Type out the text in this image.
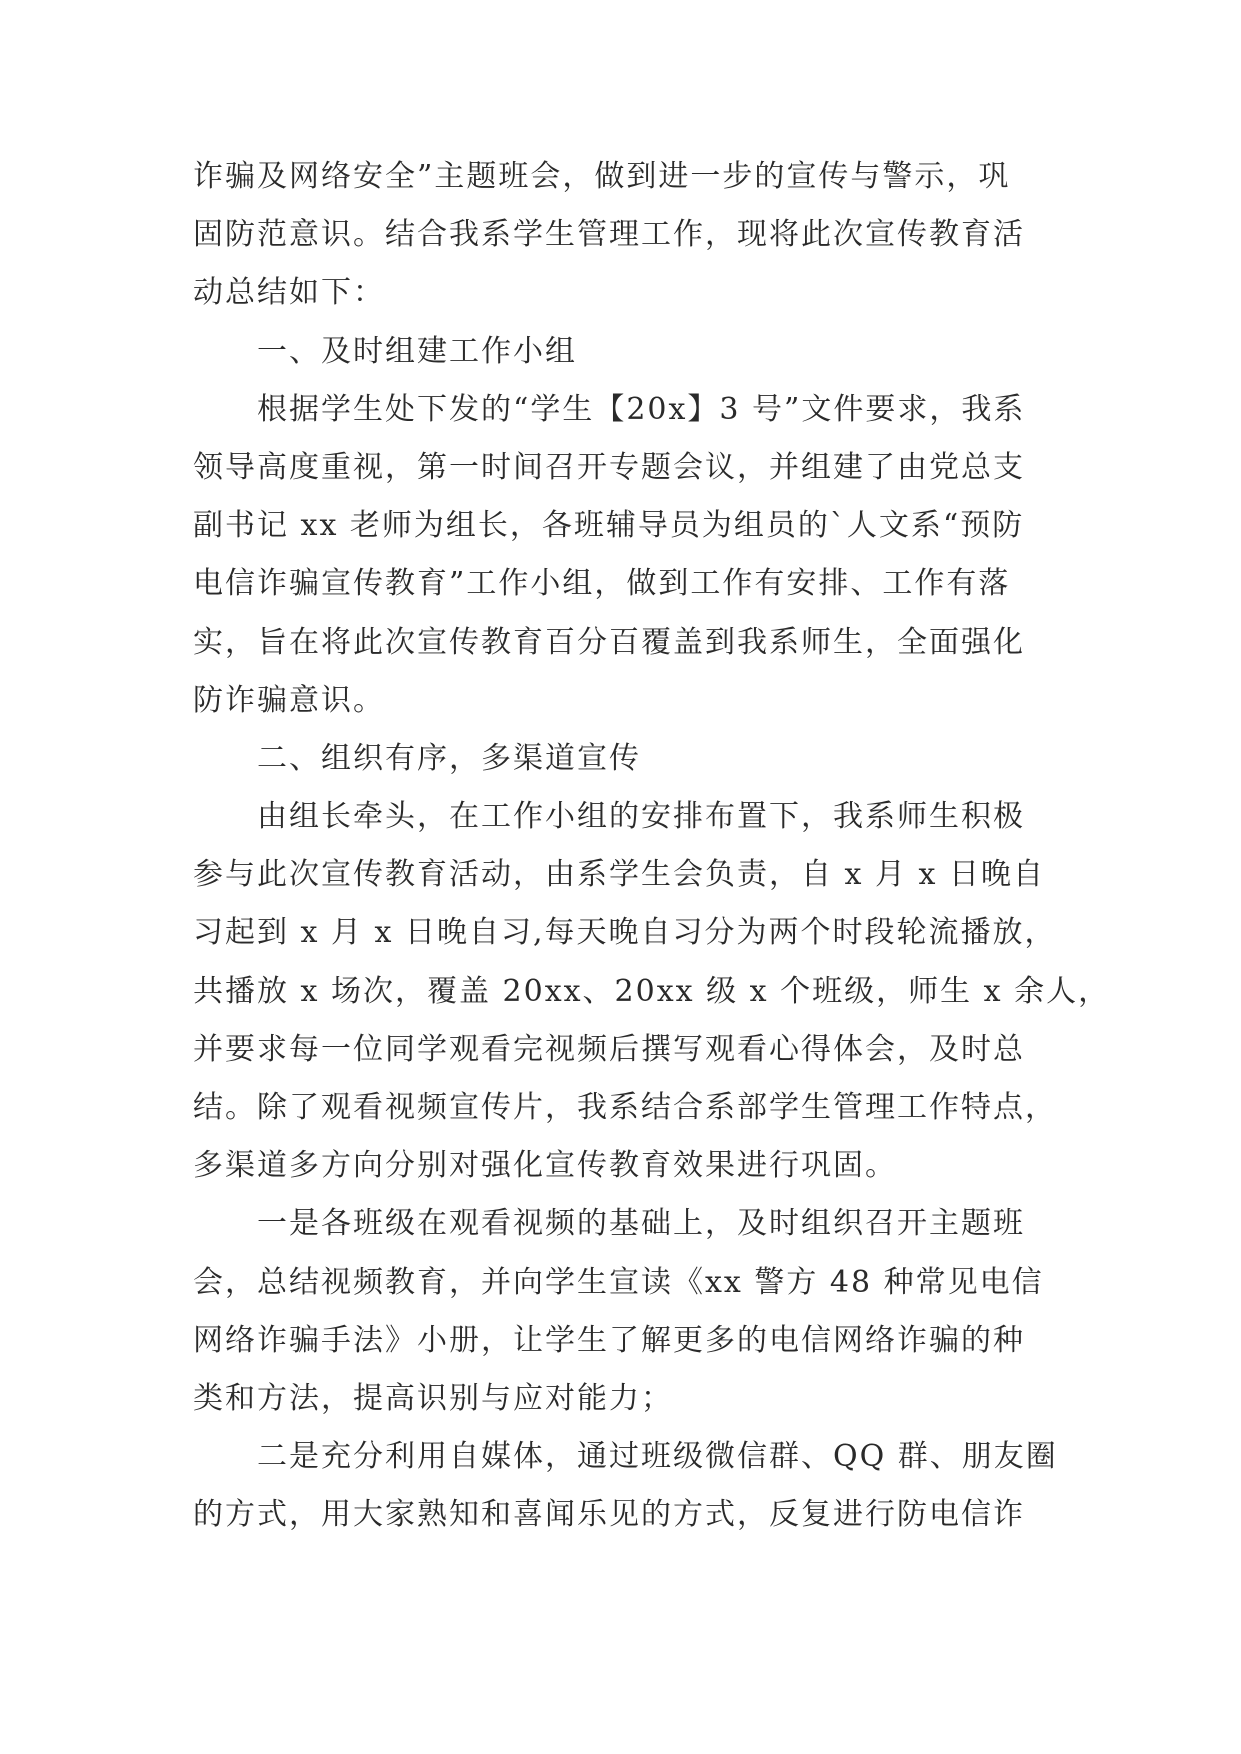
诈骗及网络安全”主题班会，做到进一步的宣传与警示，巩
固防范意识。结合我系学生管理工作，现将此次宣传教育活
动总结如下：
一、及时组建工作小组
根据学生处下发的“学生【20x】3 号”文件要求，我系
领导高度重视，第一时间召开专题会议，并组建了由党总支
副书记 xx 老师为组长，各班辅导员为组员的`人文系“预防
电信诈骗宣传教育”工作小组，做到工作有安排、工作有落
实，旨在将此次宣传教育百分百覆盖到我系师生，全面强化
防诈骗意识。
二、组织有序，多渠道宣传
由组长牵头，在工作小组的安排布置下，我系师生积极
参与此次宣传教育活动，由系学生会负责，自 x 月 x 日晚自
习起到 x 月 x 日晚自习,每天晚自习分为两个时段轮流播放，
共播放 x 场次，覆盖 20xx、20xx 级 x 个班级，师生 x 余人，
并要求每一位同学观看完视频后撰写观看心得体会，及时总
结。除了观看视频宣传片，我系结合系部学生管理工作特点，
多渠道多方向分别对强化宣传教育效果进行巩固。
一是各班级在观看视频的基础上，及时组织召开主题班
会，总结视频教育，并向学生宣读《xx 警方 48 种常见电信
网络诈骗手法》小册，让学生了解更多的电信网络诈骗的种
类和方法，提高识别与应对能力；
二是充分利用自媒体，通过班级微信群、QQ 群、朋友圈
的方式，用大家熟知和喜闻乐见的方式，反复进行防电信诈
